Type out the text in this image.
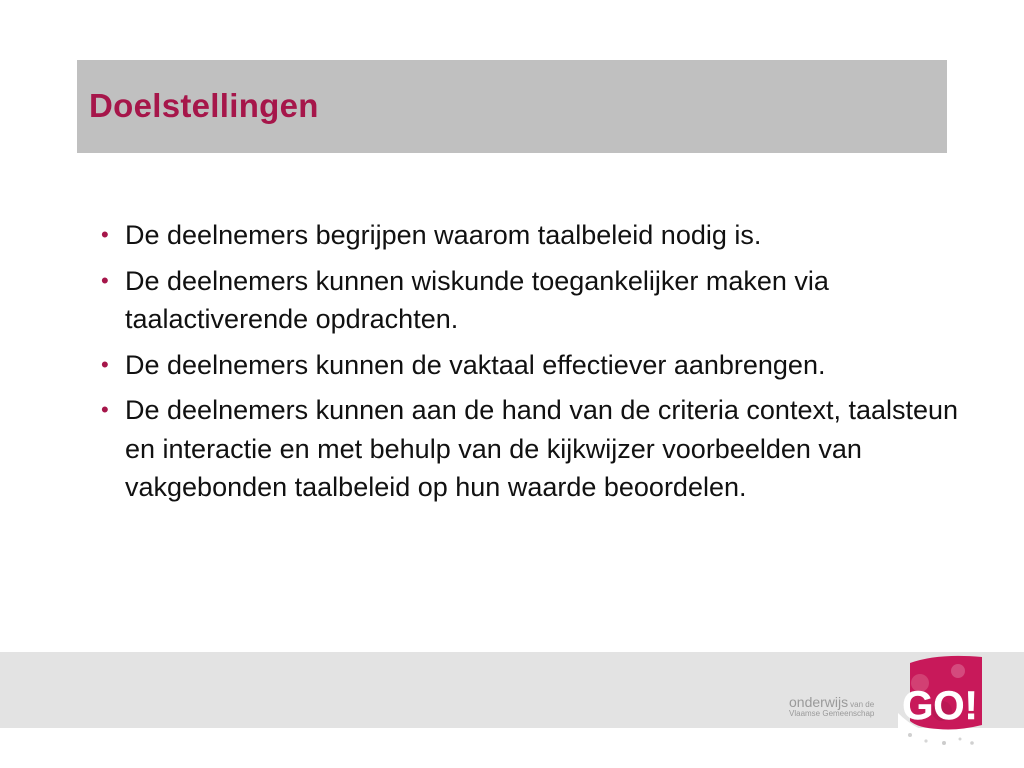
Doelstellingen
• De deelnemers begrijpen waarom taalbeleid nodig is.
• De deelnemers kunnen wiskunde toegankelijker maken via taalactiverende opdrachten.
• De deelnemers kunnen de vaktaal effectiever aanbrengen.
• De deelnemers kunnen aan de hand van de criteria context, taalsteun en interactie en met behulp van de kijkwijzer voorbeelden van vakgebonden taalbeleid op hun waarde beoordelen.
onderwijs van de
Vlaamse Gemeenschap GO!
